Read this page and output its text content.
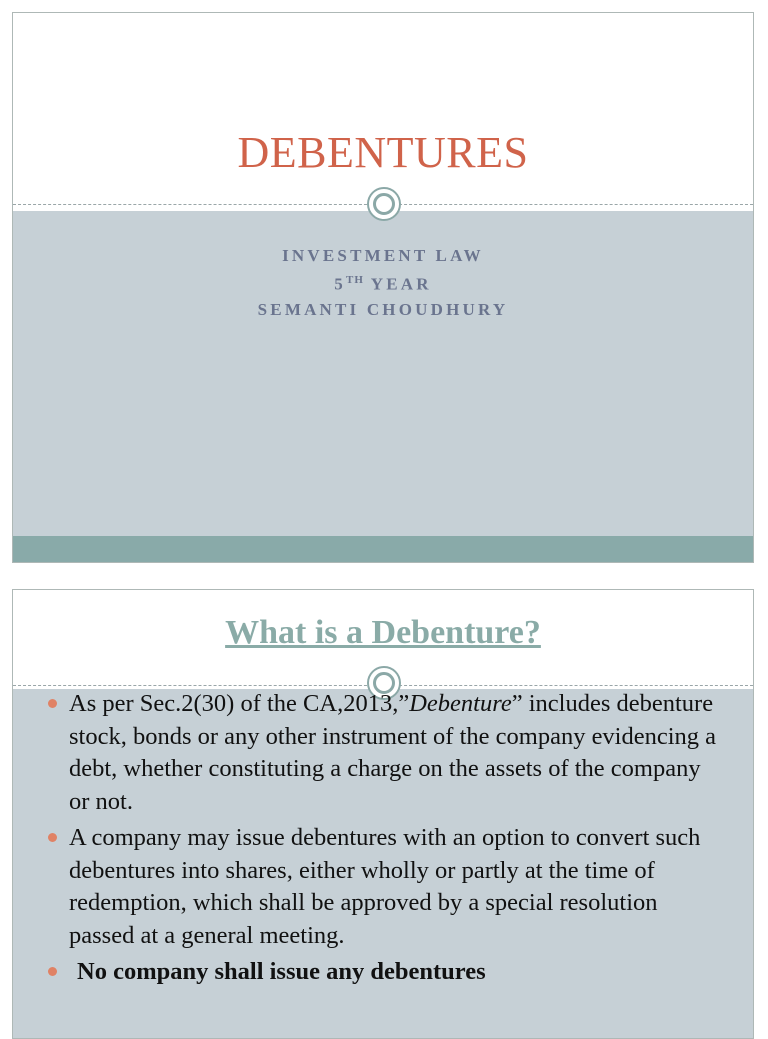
DEBENTURES
INVESTMENT LAW
5TH YEAR
SEMANTI CHOUDHURY
What is a Debenture?
As per Sec.2(30) of the CA,2013,”Debenture” includes debenture stock, bonds or any other instrument of the company evidencing a debt, whether constituting a charge on the assets of the company or not.
A company may issue debentures with an option to convert such debentures into shares, either wholly or partly at the time of redemption, which shall be approved by a special resolution passed at a general meeting.
No company shall issue any debentures
